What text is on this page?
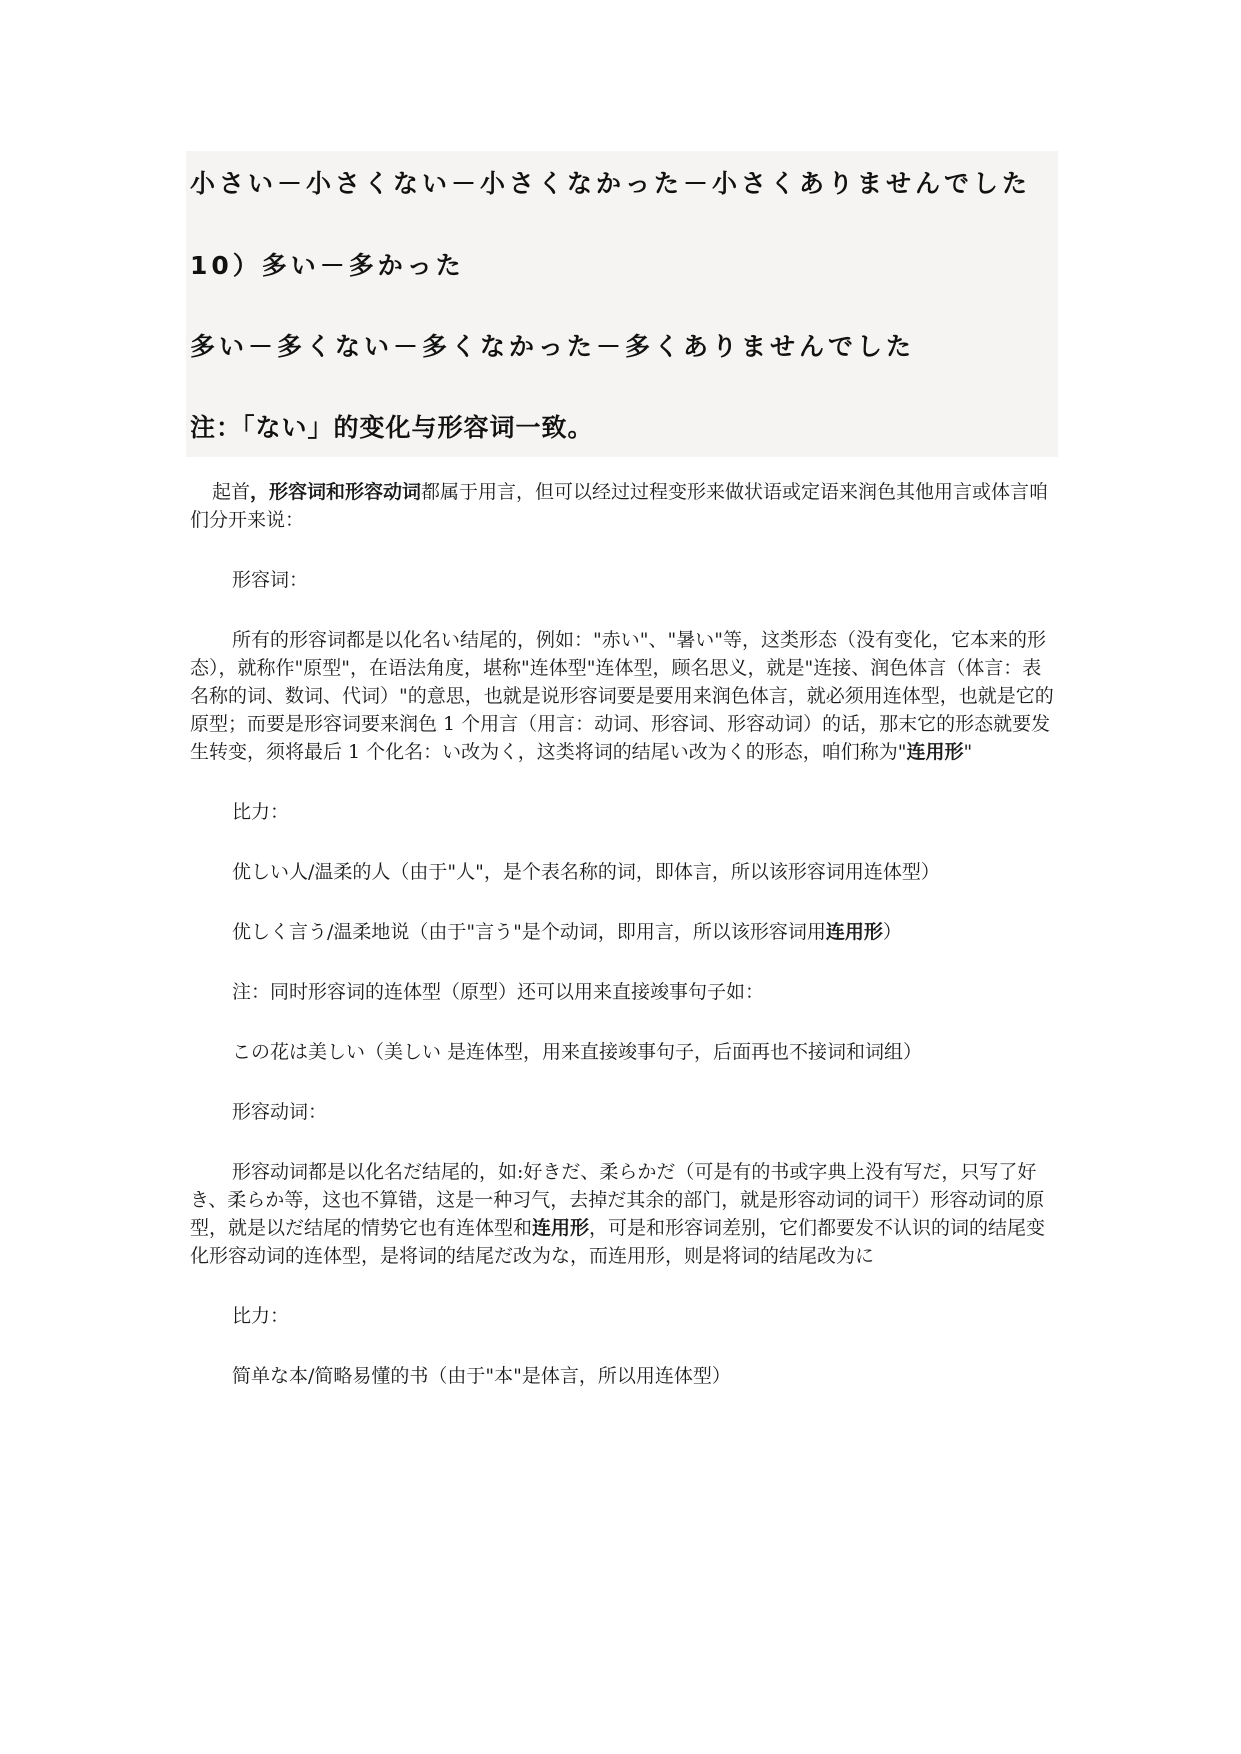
小さい－小さくない－小さくなかった－小さくありませんでした

10）多い－多かった

多い－多くない－多くなかった－多くありませんでした

注：「ない」的变化与形容词一致。

起首，形容词和形容动词都属于用言，但可以经过过程变形来做状语或定语来润色其他用言或体言咱们分开来说：

形容词：

所有的形容词都是以化名い结尾的，例如："赤い"、"暑い"等，这类形态（没有变化，它本来的形态），就称作"原型"，在语法角度，堪称"连体型"连体型，顾名思义，就是"连接、润色体言（体言：表名称的词、数词、代词）"的意思，也就是说形容词要是要用来润色体言，就必须用连体型，也就是它的原型；而要是形容词要来润色 1 个用言（用言：动词、形容词、形容动词）的话，那末它的形态就要发生转变，须将最后 1 个化名：い改为く，这类将词的结尾い改为く的形态，咱们称为"连用形"

比力：

优しい人/温柔的人（由于"人"，是个表名称的词，即体言，所以该形容词用连体型）

优しく言う/温柔地说（由于"言う"是个动词，即用言，所以该形容词用连用形）

注：同时形容词的连体型（原型）还可以用来直接竣事句子如：

この花は美しい（美しい 是连体型，用来直接竣事句子，后面再也不接词和词组）

形容动词：

形容动词都是以化名だ结尾的，如:好きだ、柔らかだ（可是有的书或字典上没有写だ，只写了好き、柔らか等，这也不算错，这是一种习气，去掉だ其余的部门，就是形容动词的词干）形容动词的原型，就是以だ结尾的情势它也有连体型和连用形，可是和形容词差别，它们都要发不认识的词的结尾变化形容动词的连体型，是将词的结尾だ改为な，而连用形，则是将词的结尾改为に

比力：

简单な本/简略易懂的书（由于"本"是体言，所以用连体型）
